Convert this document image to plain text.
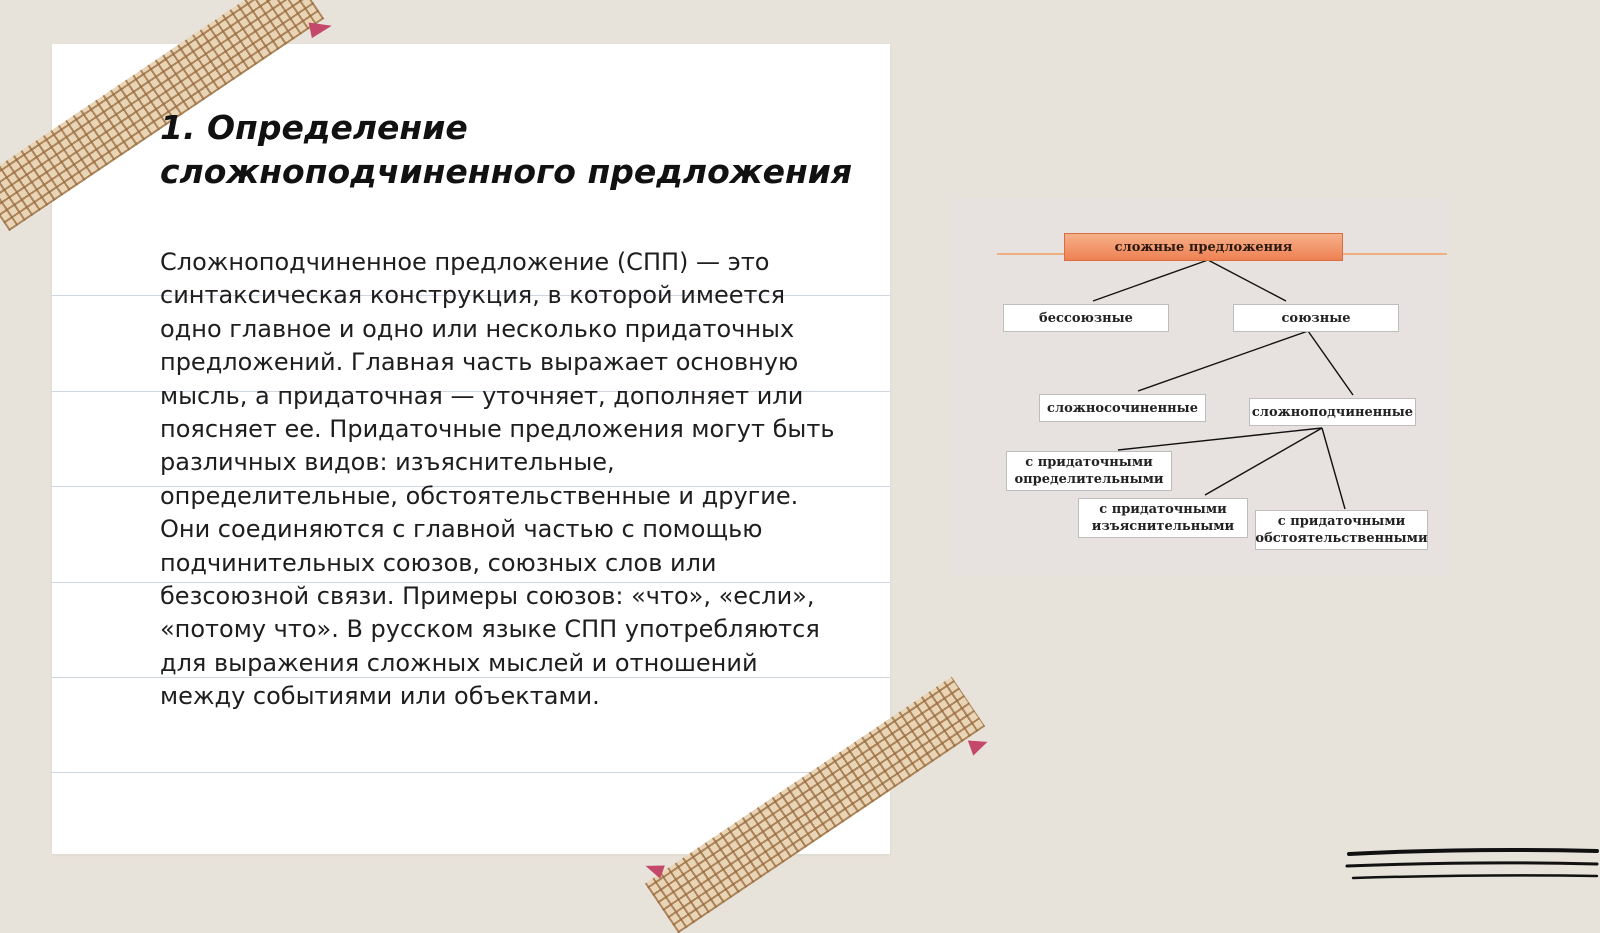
1. Определение сложноподчиненного предложения

Сложноподчиненное предложение (СПП) — это синтаксическая конструкция, в которой имеется одно главное и одно или несколько придаточных предложений. Главная часть выражает основную мысль, а придаточная — уточняет, дополняет или поясняет ее. Придаточные предложения могут быть различных видов: изъяснительные, определительные, обстоятельственные и другие. Они соединяются с главной частью с помощью подчинительных союзов, союзных слов или безсоюзной связи. Примеры союзов: «что», «если», «потому что». В русском языке СПП употребляются для выражения сложных мыслей и отношений между событиями или объектами.

сложные предложения
бессоюзные	союзные
сложносочиненные	сложноподчиненные
с придаточными
определительными
с придаточными
изъяснительными	с придаточными
обстоятельственными
